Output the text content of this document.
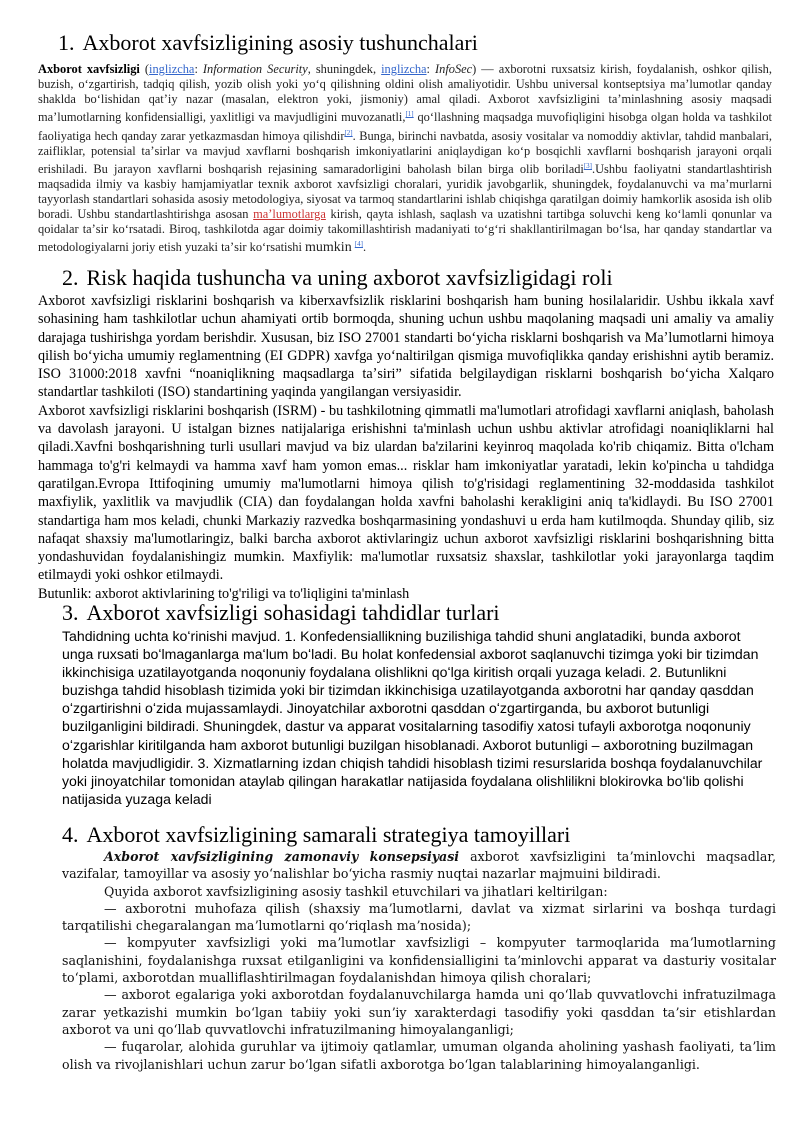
1. Axborot xavfsizligining asosiy tushunchalari
Axborot xavfsizligi (inglizcha: Information Security, shuningdek, inglizcha: InfoSec) — axborotni ruxsatsiz kirish, foydalanish, oshkor qilish, buzish, oʻzgartirish, tadqiq qilish, yozib olish yoki yoʻq qilishning oldini olish amaliyotidir. Ushbu universal kontseptsiya maʼlumotlar qanday shaklda boʻlishidan qatʼiy nazar (masalan, elektron yoki, jismoniy) amal qiladi. Axborot xavfsizligini taʼminlashning asosiy maqsadi maʼlumotlarning konfidensialligi, yaxlitligi va mavjudligini muvozanatli,[1] qoʻllashning maqsadga muvofiqligini hisobga olgan holda va tashkilot faoliyatiga hech qanday zarar yetkazmasdan himoya qilishdir[2]. Bunga, birinchi navbatda, asosiy vositalar va nomoddiy aktivlar, tahdid manbalari, zaifliklar, potensial taʼsirlar va mavjud xavflarni boshqarish imkoniyatlarini aniqlaydigan koʻp bosqichli xavflarni boshqarish jarayoni orqali erishiladi. Bu jarayon xavflarni boshqarish rejasining samaradorligini baholash bilan birga olib boriladi[3].Ushbu faoliyatni standartlashtirish maqsadida ilmiy va kasbiy hamjamiyatlar texnik axborot xavfsizligi choralari, yuridik javobgarlik, shuningdek, foydalanuvchi va maʼmurlarni tayyorlash standartlari sohasida asosiy metodologiya, siyosat va tarmoq standartlarini ishlab chiqishga qaratilgan doimiy hamkorlik asosida ish olib boradi. Ushbu standartlashtirishga asosan maʼlumotlarga kirish, qayta ishlash, saqlash va uzatishni tartibga soluvchi keng koʻlamli qonunlar va qoidalar taʼsir koʻrsatadi. Biroq, tashkilotda agar doimiy takomillashtirish madaniyati toʻgʻri shakllantirilmagan boʻlsa, har qanday standartlar va metodologiyalarni joriy etish yuzaki taʼsir koʻrsatishi mumkin [4].
2. Risk haqida tushuncha va uning axborot xavfsizligidagi roli

Axborot xavfsizligi risklarini boshqarish va kiberxavfsizlik risklarini boshqarish ham buning hosilalaridir. Ushbu ikkala xavf sohasining ham tashkilotlar uchun ahamiyati ortib bormoqda, shuning uchun ushbu maqolaning maqsadi uni amaliy va amaliy darajaga tushirishga yordam berishdir. Xususan, biz ISO 27001 standarti boʻyicha risklarni boshqarish va Maʼlumotlarni himoya qilish boʻyicha umumiy reglamentning (EI GDPR) xavfga yoʻnaltirilgan qismiga muvofiqlikka qanday erishishni aytib beramiz. ISO 31000:2018 xavfni “noaniqlikning maqsadlarga taʼsiri” sifatida belgilaydigan risklarni boshqarish boʻyicha Xalqaro standartlar tashkiloti (ISO) standartining yaqinda yangilangan versiyasidir.

Axborot xavfsizligi risklarini boshqarish (ISRM) - bu tashkilotning qimmatli ma'lumotlari atrofidagi xavflarni aniqlash, baholash va davolash jarayoni. U istalgan biznes natijalariga erishishni ta'minlash uchun ushbu aktivlar atrofidagi noaniqliklarni hal qiladi.Xavfni boshqarishning turli usullari mavjud va biz ulardan ba'zilarini keyinroq maqolada ko'rib chiqamiz. Bitta o'lcham hammaga to'g'ri kelmaydi va hamma xavf ham yomon emas... risklar ham imkoniyatlar yaratadi, lekin ko'pincha u tahdidga qaratilgan.Evropa Ittifoqining umumiy ma'lumotlarni himoya qilish to'g'risidagi reglamentining 32-moddasida tashkilot maxfiylik, yaxlitlik va mavjudlik (CIA) dan foydalangan holda xavfni baholashi kerakligini aniq ta'kidlaydi. Bu ISO 27001 standartiga ham mos keladi, chunki Markaziy razvedka boshqarmasining yondashuvi u erda ham kutilmoqda. Shunday qilib, siz nafaqat shaxsiy ma'lumotlaringiz, balki barcha axborot aktivlaringiz uchun axborot xavfsizligi risklarini boshqarishning bitta yondashuvidan foydalanishingiz mumkin. Maxfiylik: ma'lumotlar ruxsatsiz shaxslar, tashkilotlar yoki jarayonlarga taqdim etilmaydi yoki oshkor etilmaydi.

Butunlik: axborot aktivlarining to'g'riligi va to'liqligini ta'minlash

3. Axborot xavfsizligi sohasidagi tahdidlar turlari
Tahdidning uchta koʻrinishi mavjud. 1. Konfedensiallikning buzilishiga tahdid shuni anglatadiki, bunda axborot unga ruxsati boʻlmaganlarga maʻlum boʻladi. Bu holat konfedensial axborot saqlanuvchi tizimga yoki bir tizimdan ikkinchisiga uzatilayotganda noqonuniy foydalana olishlikni qoʻlga kiritish orqali yuzaga keladi. 2. Butunlikni buzishga tahdid hisoblash tizimida yoki bir tizimdan ikkinchisiga uzatilayotganda axborotni har qanday qasddan oʻzgartirishni oʻzida mujassamlaydi. Jinoyatchilar axborotni qasddan oʻzgartirganda, bu axborot butunligi buzilganligini bildiradi. Shuningdek, dastur va apparat vositalarning tasodifiy xatosi tufayli axborotga noqonuniy oʻzgarishlar kiritilganda ham axborot butunligi buzilgan hisoblanadi. Axborot butunligi – axborotning buzilmagan holatda mavjudligidir. 3. Xizmatlarning izdan chiqish tahdidi hisoblash tizimi resurslarida boshqa foydalanuvchilar yoki jinoyatchilar tomonidan ataylab qilingan harakatlar natijasida foydalana olishlilikni blokirovka boʻlib qolishi natijasida yuzaga keladi
4. Axborot xavfsizligining samarali strategiya tamoyillari

Axborot xavfsizligining zamonaviy konsepsiyasi axborot xavfsizligini taʼminlovchi maqsadlar, vazifalar, tamoyillar va asosiy yoʻnalishlar boʻyicha rasmiy nuqtai nazarlar majmuini bildiradi.

Quyida axborot xavfsizligining asosiy tashkil etuvchilari va jihatlari keltirilgan:

— axborotni muhofaza qilish (shaxsiy maʼlumotlarni, davlat va xizmat sirlarini va boshqa turdagi tarqatilishi chegaralangan maʼlumotlarni qoʻriqlash maʼnosida);

— kompyuter xavfsizligi yoki maʼlumotlar xavfsizligi – kompyuter tarmoqlarida maʼlumotlarning saqlanishini, foydalanishga ruxsat etilganligini va konfidensialligini taʼminlovchi apparat va dasturiy vositalar toʻplami, axborotdan mualliflashtirilmagan foydalanishdan himoya qilish choralari;

— axborot egalariga yoki axborotdan foydalanuvchilarga hamda uni qoʻllab quvvatlovchi infratuzilmaga zarar yetkazishi mumkin boʻlgan tabiiy yoki sunʼiy xarakterdagi tasodifiy yoki qasddan taʼsir etishlardan axborot va uni qoʻllab quvvatlovchi infratuzilmaning himoyalanganligi;

— fuqarolar, alohida guruhlar va ijtimoiy qatlamlar, umuman olganda aholining yashash faoliyati, taʼlim olish va rivojlanishlari uchun zarur boʻlgan sifatli axborotga boʻlgan talablarining himoyalanganligi.
